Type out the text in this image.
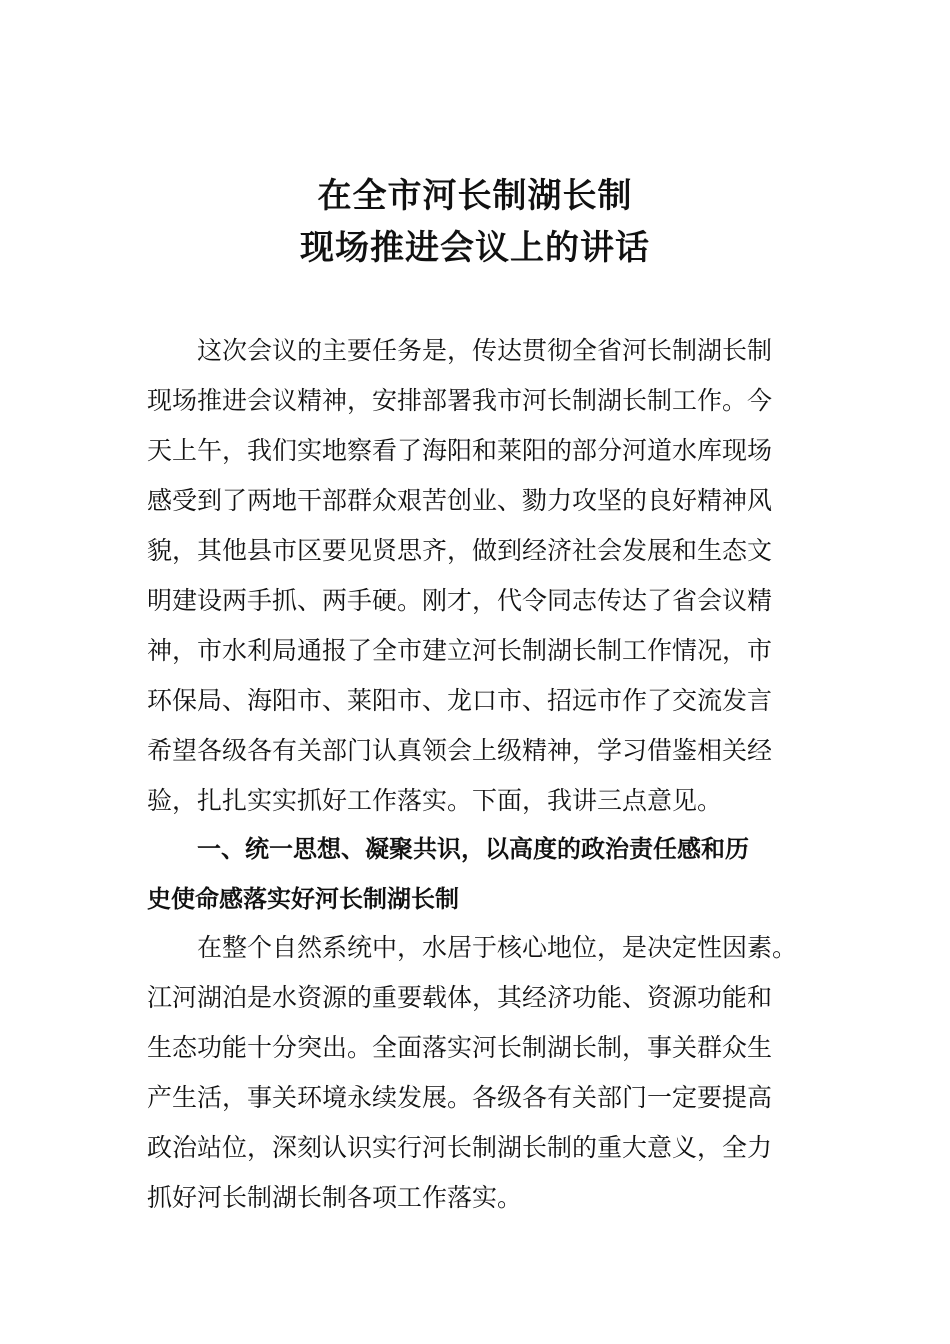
在全市河长制湖长制
现场推进会议上的讲话
这次会议的主要任务是，传达贯彻全省河长制湖长制
现场推进会议精神，安排部署我市河长制湖长制工作。今
天上午，我们实地察看了海阳和莱阳的部分河道水库现场
感受到了两地干部群众艰苦创业、勠力攻坚的良好精神风
貌，其他县市区要见贤思齐，做到经济社会发展和生态文
明建设两手抓、两手硬。刚才，代令同志传达了省会议精
神，市水利局通报了全市建立河长制湖长制工作情况，市
环保局、海阳市、莱阳市、龙口市、招远市作了交流发言
希望各级各有关部门认真领会上级精神，学习借鉴相关经
验，扎扎实实抓好工作落实。下面，我讲三点意见。
一、统一思想、凝聚共识，以高度的政治责任感和历
史使命感落实好河长制湖长制
在整个自然系统中，水居于核心地位，是决定性因素。
江河湖泊是水资源的重要载体，其经济功能、资源功能和
生态功能十分突出。全面落实河长制湖长制，事关群众生
产生活，事关环境永续发展。各级各有关部门一定要提高
政治站位，深刻认识实行河长制湖长制的重大意义，全力
抓好河长制湖长制各项工作落实。
